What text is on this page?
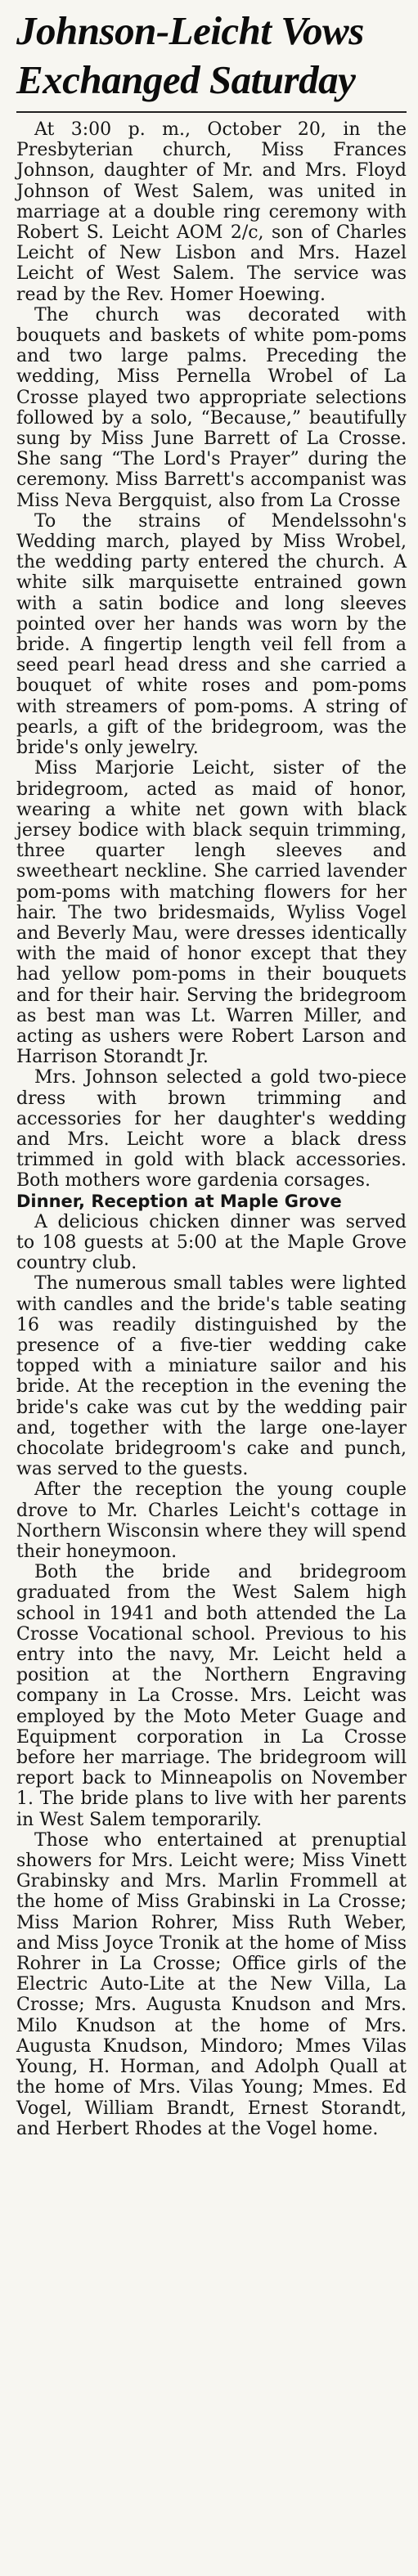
Johnson-Leicht Vows
Exchanged Saturday

At 3:00 p. m., October 20, in the Presbyterian church, Miss Frances Johnson, daughter of Mr. and Mrs. Floyd Johnson of West Salem, was united in marriage at a double ring ceremony with Robert S. Leicht AOM 2/c, son of Charles Leicht of New Lisbon and Mrs. Hazel Leicht of West Salem. The service was read by the Rev. Homer Hoewing.

The church was decorated with bouquets and baskets of white pom-poms and two large palms. Preceding the wedding, Miss Pernella Wrobel of La Crosse played two appropriate selections followed by a solo, “Because,” beautifully sung by Miss June Barrett of La Crosse. She sang “The Lord's Prayer” during the ceremony. Miss Barrett's accompanist was Miss Neva Bergquist, also from La Crosse

To the strains of Mendelssohn's Wedding march, played by Miss Wrobel, the wedding party entered the church. A white silk marquisette entrained gown with a satin bodice and long sleeves pointed over her hands was worn by the bride. A fingertip length veil fell from a seed pearl head dress and she carried a bouquet of white roses and pom-poms with streamers of pom-poms. A string of pearls, a gift of the bridegroom, was the bride's only jewelry.

Miss Marjorie Leicht, sister of the bridegroom, acted as maid of honor, wearing a white net gown with black jersey bodice with black sequin trimming, three quarter lengh sleeves and sweetheart neckline. She carried lavender pom-poms with matching flowers for her hair. The two bridesmaids, Wyliss Vogel and Beverly Mau, were dresses identically with the maid of honor except that they had yellow pom-poms in their bouquets and for their hair. Serving the bridegroom as best man was Lt. Warren Miller, and acting as ushers were Robert Larson and Harrison Storandt Jr.

Mrs. Johnson selected a gold two-piece dress with brown trimming and accessories for her daughter's wedding and Mrs. Leicht wore a black dress trimmed in gold with black accessories. Both mothers wore gardenia corsages.

Dinner, Reception at Maple Grove

A delicious chicken dinner was served to 108 guests at 5:00 at the Maple Grove country club.

The numerous small tables were lighted with candles and the bride's table seating 16 was readily distinguished by the presence of a five-tier wedding cake topped with a miniature sailor and his bride. At the reception in the evening the bride's cake was cut by the wedding pair and, together with the large one-layer chocolate bridegroom's cake and punch, was served to the guests.

After the reception the young couple drove to Mr. Charles Leicht's cottage in Northern Wisconsin where they will spend their honeymoon.

Both the bride and bridegroom graduated from the West Salem high school in 1941 and both attended the La Crosse Vocational school. Previous to his entry into the navy, Mr. Leicht held a position at the Northern Engraving company in La Crosse. Mrs. Leicht was employed by the Moto Meter Guage and Equipment corporation in La Crosse before her marriage. The bridegroom will report back to Minneapolis on November 1. The bride plans to live with her parents in West Salem temporarily.

Those who entertained at prenuptial showers for Mrs. Leicht were; Miss Vinett Grabinsky and Mrs. Marlin Frommell at the home of Miss Grabinski in La Crosse; Miss Marion Rohrer, Miss Ruth Weber, and Miss Joyce Tronik at the home of Miss Rohrer in La Crosse; Office girls of the Electric Auto-Lite at the New Villa, La Crosse; Mrs. Augusta Knudson and Mrs. Milo Knudson at the home of Mrs. Augusta Knudson, Mindoro; Mmes Vilas Young, H. Horman, and Adolph Quall at the home of Mrs. Vilas Young; Mmes. Ed Vogel, William Brandt, Ernest Storandt, and Herbert Rhodes at the Vogel home.
